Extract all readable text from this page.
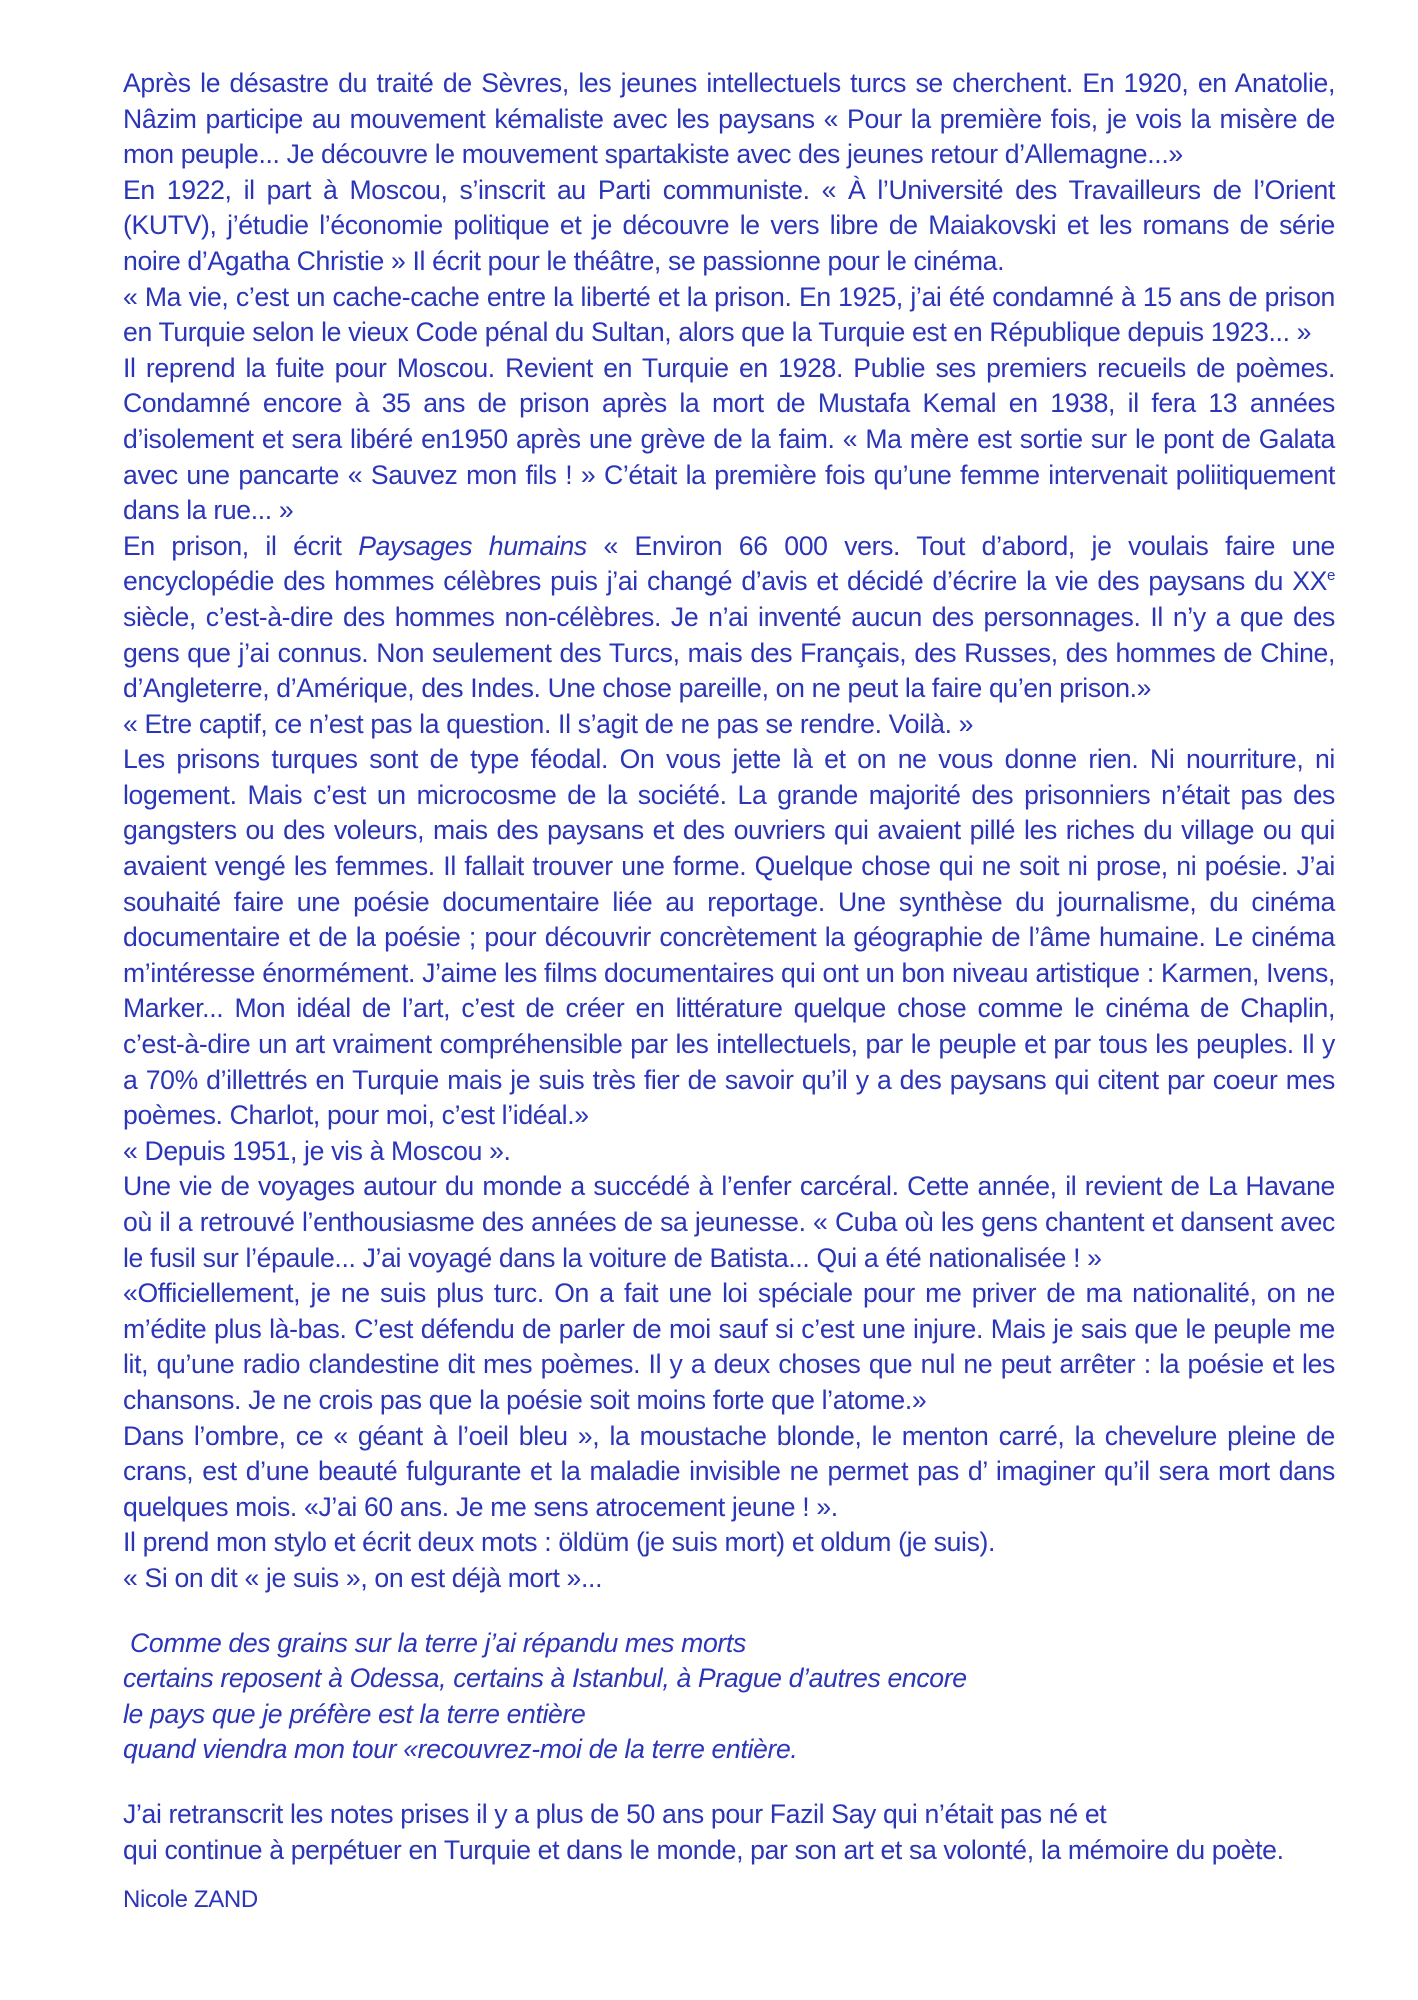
Après le désastre du traité de Sèvres, les jeunes intellectuels turcs se cherchent. En 1920, en Anatolie, Nâzim participe au mouvement kémaliste avec les paysans « Pour la première fois, je vois la misère de mon peuple... Je découvre le mouvement spartakiste avec des jeunes retour d’Allemagne...»

En 1922, il part à Moscou, s’inscrit au Parti communiste. « À l’Université des Travailleurs de l’Orient (KUTV), j’étudie l’économie politique et je découvre le vers libre de Maiakovski et les romans de série noire d’Agatha Christie » Il écrit pour le théâtre, se passionne pour le cinéma.

« Ma vie, c’est un cache-cache entre la liberté et la prison. En 1925, j’ai été condamné à 15 ans de prison en Turquie selon le vieux Code pénal du Sultan, alors que la Turquie est en République depuis 1923... »

Il reprend la fuite pour Moscou. Revient en Turquie en 1928. Publie ses premiers recueils de poèmes. Condamné encore à 35 ans de prison après la mort de Mustafa Kemal en 1938, il fera 13 années d’isolement et sera libéré en1950 après une grève de la faim. « Ma mère est sortie sur le pont de Galata avec une pancarte « Sauvez mon fils ! » C’était la première fois qu’une femme intervenait poliitiquement dans la rue... »

En prison, il écrit Paysages humains « Environ 66 000 vers. Tout d’abord, je voulais faire une encyclopédie des hommes célèbres puis j’ai changé d’avis et décidé d’écrire la vie des paysans du XXe siècle, c’est-à-dire des hommes non-célèbres. Je n’ai inventé aucun des personnages. Il n’y a que des gens que j’ai connus. Non seulement des Turcs, mais des Français, des Russes, des hommes de Chine, d’Angleterre, d’Amérique, des Indes. Une chose pareille, on ne peut la faire qu’en prison.»

« Etre captif, ce n’est pas la question. Il s’agit de ne pas se rendre. Voilà. »

Les prisons turques sont de type féodal. On vous jette là et on ne vous donne rien. Ni nourriture, ni logement. Mais c’est un microcosme de la société. La grande majorité des prisonniers n’était pas des gangsters ou des voleurs, mais des paysans et des ouvriers qui avaient pillé les riches du village ou qui avaient vengé les femmes. Il fallait trouver une forme. Quelque chose qui ne soit ni prose, ni poésie. J’ai souhaité faire une poésie documentaire liée au reportage. Une synthèse du journalisme, du cinéma documentaire et de la poésie ; pour découvrir concrètement la géographie de l’âme humaine. Le cinéma m’intéresse énormément. J’aime les films documentaires qui ont un bon niveau artistique : Karmen, Ivens, Marker... Mon idéal de l’art, c’est de créer en littérature quelque chose comme le cinéma de Chaplin, c’est-à-dire un art vraiment compréhensible par les intellectuels, par le peuple et par tous les peuples. Il y a 70% d’illettrés en Turquie mais je suis très fier de savoir qu’il y a des paysans qui citent par coeur mes poèmes. Charlot, pour moi, c’est l’idéal.»

« Depuis 1951, je vis à Moscou ».

Une vie de voyages autour du monde a succédé à l’enfer carcéral. Cette année, il revient de La Havane où il a retrouvé l’enthousiasme des années de sa jeunesse. « Cuba où les gens chantent et dansent avec le fusil sur l’épaule... J’ai voyagé dans la voiture de Batista... Qui a été nationalisée ! »

«Officiellement, je ne suis plus turc. On a fait une loi spéciale pour me priver de ma nationalité, on ne m’édite plus là-bas. C’est défendu de parler de moi sauf si c’est une injure. Mais je sais que le peuple me lit, qu’une radio clandestine dit mes poèmes. Il y a deux choses que nul ne peut arrêter : la poésie et les chansons. Je ne crois pas que la poésie soit moins forte que l’atome.»

Dans l’ombre, ce « géant à l’oeil bleu », la moustache blonde, le menton carré, la chevelure pleine de crans, est d’une beauté fulgurante et la maladie invisible ne permet pas d’ imaginer qu’il sera mort dans quelques mois. «J’ai 60 ans. Je me sens atrocement jeune ! ».

Il prend mon stylo et écrit deux mots : öldüm (je suis mort) et oldum (je suis).

« Si on dit « je suis », on est déjà mort »...

Comme des grains sur la terre j’ai répandu mes morts
certains reposent à Odessa, certains à Istanbul, à Prague d’autres encore
le pays que je préfère est la terre entière
quand viendra mon tour «recouvrez-moi de la terre entière.
J’ai retranscrit les notes prises il y a plus de 50 ans pour Fazil Say qui n’était pas né et
qui continue à perpétuer en Turquie et dans le monde, par son art et sa volonté, la mémoire du poète.
Nicole ZAND
